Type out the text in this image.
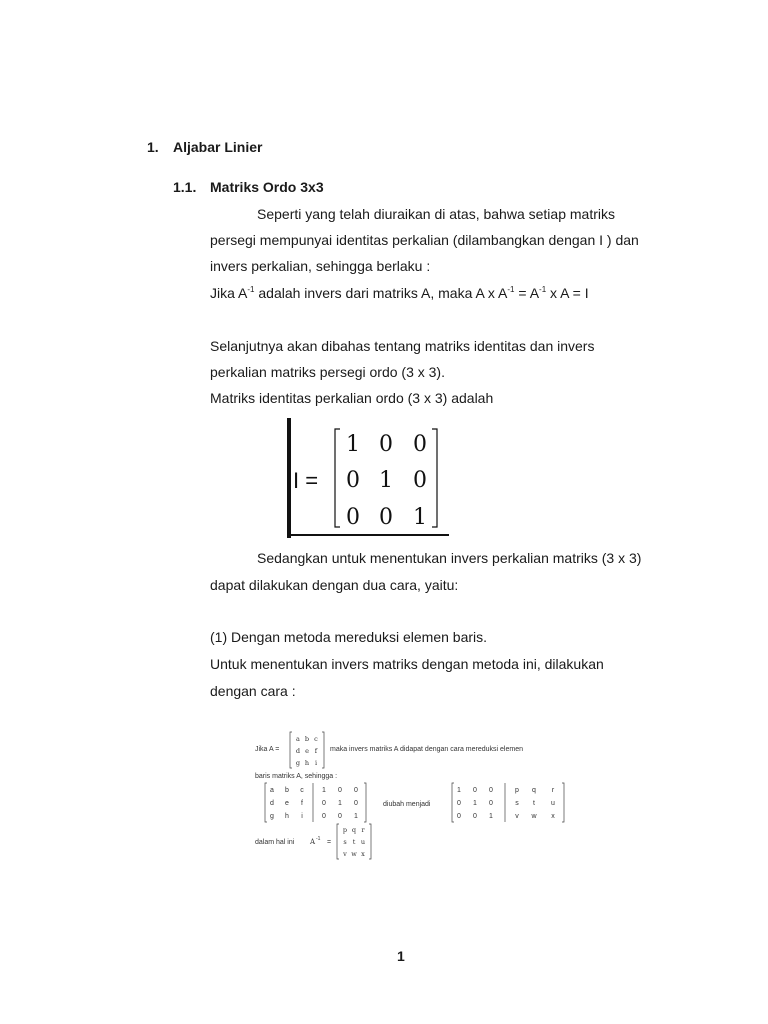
1. Aljabar Linier
1.1. Matriks Ordo 3x3
Seperti yang telah diuraikan di atas, bahwa setiap matriks
persegi mempunyai identitas perkalian (dilambangkan dengan I ) dan
invers perkalian, sehingga berlaku :
Jika $A^{-1}$ adalah invers dari matriks A, maka A x $A^{-1} = A^{-1}$ x A = I
Selanjutnya akan dibahas tentang matriks identitas dan invers
perkalian matriks persegi ordo (3 x 3).
Matriks identitas perkalian ordo (3 x 3) adalah
I =
1 0 0
0 1 0
0 0 1
Sedangkan untuk menentukan invers perkalian matriks (3 x 3)
dapat dilakukan dengan dua cara, yaitu:
(1) Dengan metoda mereduksi elemen baris.
Untuk menentukan invers matriks dengan metoda ini, dilakukan
dengan cara :
Jika A =
a b c
d e f
g h i
maka invers matriks A didapat dengan cara mereduksi elemen
baris matriks A, sehingga :
a b c	1 0 0
d e f	0 1 0
g h i	0 0 1
diubah menjadi
1 0 0	p q r
0 1 0	s t u
0 0 1	v w x
dalam hal ini A -1 =
p q r
s t u
v w x
1
